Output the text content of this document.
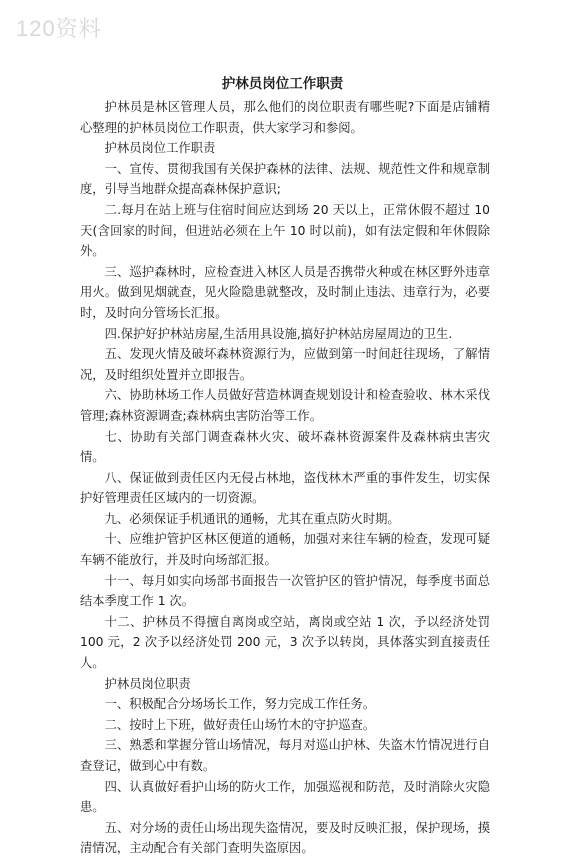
120资料
护林员岗位工作职责

护林员是林区管理人员，那么他们的岗位职责有哪些呢?下面是店铺精心整理的护林员岗位工作职责，供大家学习和参阅。

护林员岗位工作职责

一、宣传、贯彻我国有关保护森林的法律、法规、规范性文件和规章制度，引导当地群众提高森林保护意识;

二.每月在站上班与住宿时间应达到场 20 天以上，正常休假不超过 10 天(含回家的时间，但进站必须在上午 10 时以前)，如有法定假和年休假除外。

三、巡护森林时，应检查进入林区人员是否携带火种或在林区野外违章用火。做到见烟就查，见火险隐患就整改，及时制止违法、违章行为，必要时，及时向分管场长汇报。

四.保护好护林站房屋,生活用具设施,搞好护林站房屋周边的卫生.

五、发现火情及破坏森林资源行为，应做到第一时间赶往现场，了解情况，及时组织处置并立即报告。

六、协助林场工作人员做好营造林调查规划设计和检查验收、林木采伐管理;森林资源调查;森林病虫害防治等工作。

七、协助有关部门调查森林火灾、破坏森林资源案件及森林病虫害灾情。

八、保证做到责任区内无侵占林地，盗伐林木严重的事件发生，切实保护好管理责任区域内的一切资源。

九、必须保证手机通讯的通畅，尤其在重点防火时期。

十、应维护管护区林区便道的通畅，加强对来往车辆的检查，发现可疑车辆不能放行，并及时向场部汇报。

十一、每月如实向场部书面报告一次管护区的管护情况，每季度书面总结本季度工作 1 次。

十二、护林员不得擅自离岗或空站，离岗或空站 1 次，予以经济处罚 100 元，2 次予以经济处罚 200 元，3 次予以转岗，具体落实到直接责任人。

护林员岗位职责

一、积极配合分场场长工作，努力完成工作任务。

二、按时上下班，做好责任山场竹木的守护巡查。

三、熟悉和掌握分管山场情况，每月对巡山护林、失盗木竹情况进行自查登记，做到心中有数。

四、认真做好看护山场的防火工作，加强巡视和防范，及时消除火灾隐患。

五、对分场的责任山场出现失盗情况，要及时反映汇报，保护现场，摸清情况，主动配合有关部门查明失盗原因。
